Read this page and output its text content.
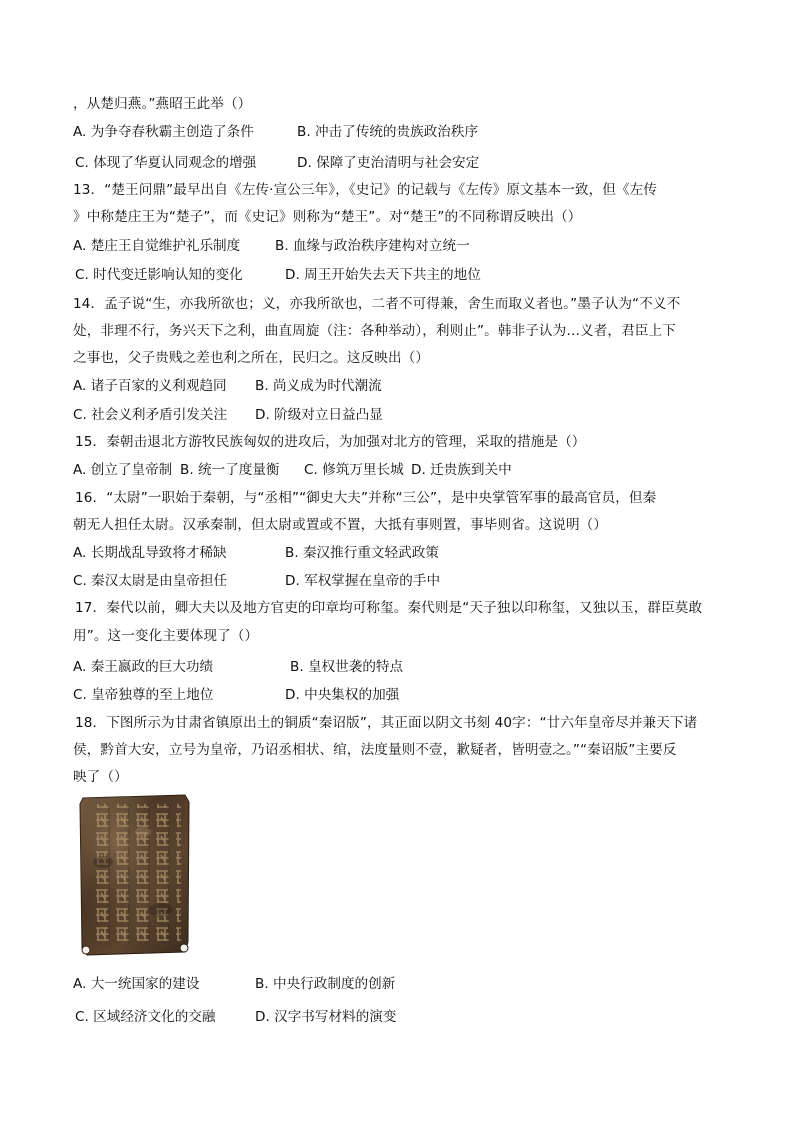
，从楚归燕。”燕昭王此举（）
A. 为争夺春秋霸主创造了条件	B. 冲击了传统的贵族政治秩序
C. 体现了华夏认同观念的增强	D. 保障了吏治清明与社会安定
13．“楚王问鼎”最早出自《左传·宣公三年》，《史记》的记载与《左传》原文基本一致，但《左传
》中称楚庄王为“楚子”，而《史记》则称为“楚王”。对“楚王”的不同称谓反映出（）
A. 楚庄王自觉维护礼乐制度	B. 血缘与政治秩序建构对立统一
C. 时代变迁影响认知的变化	D. 周王开始失去天下共主的地位
14．孟子说“生，亦我所欲也；义，亦我所欲也，二者不可得兼，舍生而取义者也。”墨子认为“不义不
处，非理不行，务兴天下之利，曲直周旋（注：各种举动），利则止”。韩非子认为…义者，君臣上下
之事也，父子贵贱之差也利之所在，民归之。这反映出（）
A. 诸子百家的义利观趋同 B. 尚义成为时代潮流
C. 社会义利矛盾引发关注 D. 阶级对立日益凸显
15．秦朝击退北方游牧民族匈奴的进攻后，为加强对北方的管理，采取的措施是（）
A. 创立了皇帝制 B. 统一了度量衡 C. 修筑万里长城 D. 迁贵族到关中
16．“太尉”一职始于秦朝，与“丞相”“御史大夫”并称“三公”，是中央掌管军事的最高官员，但秦
朝无人担任太尉。汉承秦制，但太尉或置或不置，大抵有事则置，事毕则省。这说明（）
A. 长期战乱导致将才稀缺	B. 秦汉推行重文轻武政策
C. 秦汉太尉是由皇帝担任	D. 军权掌握在皇帝的手中
17．秦代以前，卿大夫以及地方官吏的印章均可称玺。秦代则是“天子独以印称玺，又独以玉，群臣莫敢
用”。这一变化主要体现了（）
A. 秦王嬴政的巨大功绩	B. 皇权世袭的特点
C. 皇帝独尊的至上地位	D. 中央集权的加强
18．下图所示为甘肃省镇原出土的铜质“秦诏版”，其正面以阴文书刻 40字：“廿六年皇帝尽并兼天下诸
侯，黔首大安，立号为皇帝，乃诏丞相状、绾，法度量则不壹，歉疑者，皆明壹之。”“秦诏版”主要反
映了（）
A. 大一统国家的建设	B. 中央行政制度的创新
C. 区域经济文化的交融	D. 汉字书写材料的演变
